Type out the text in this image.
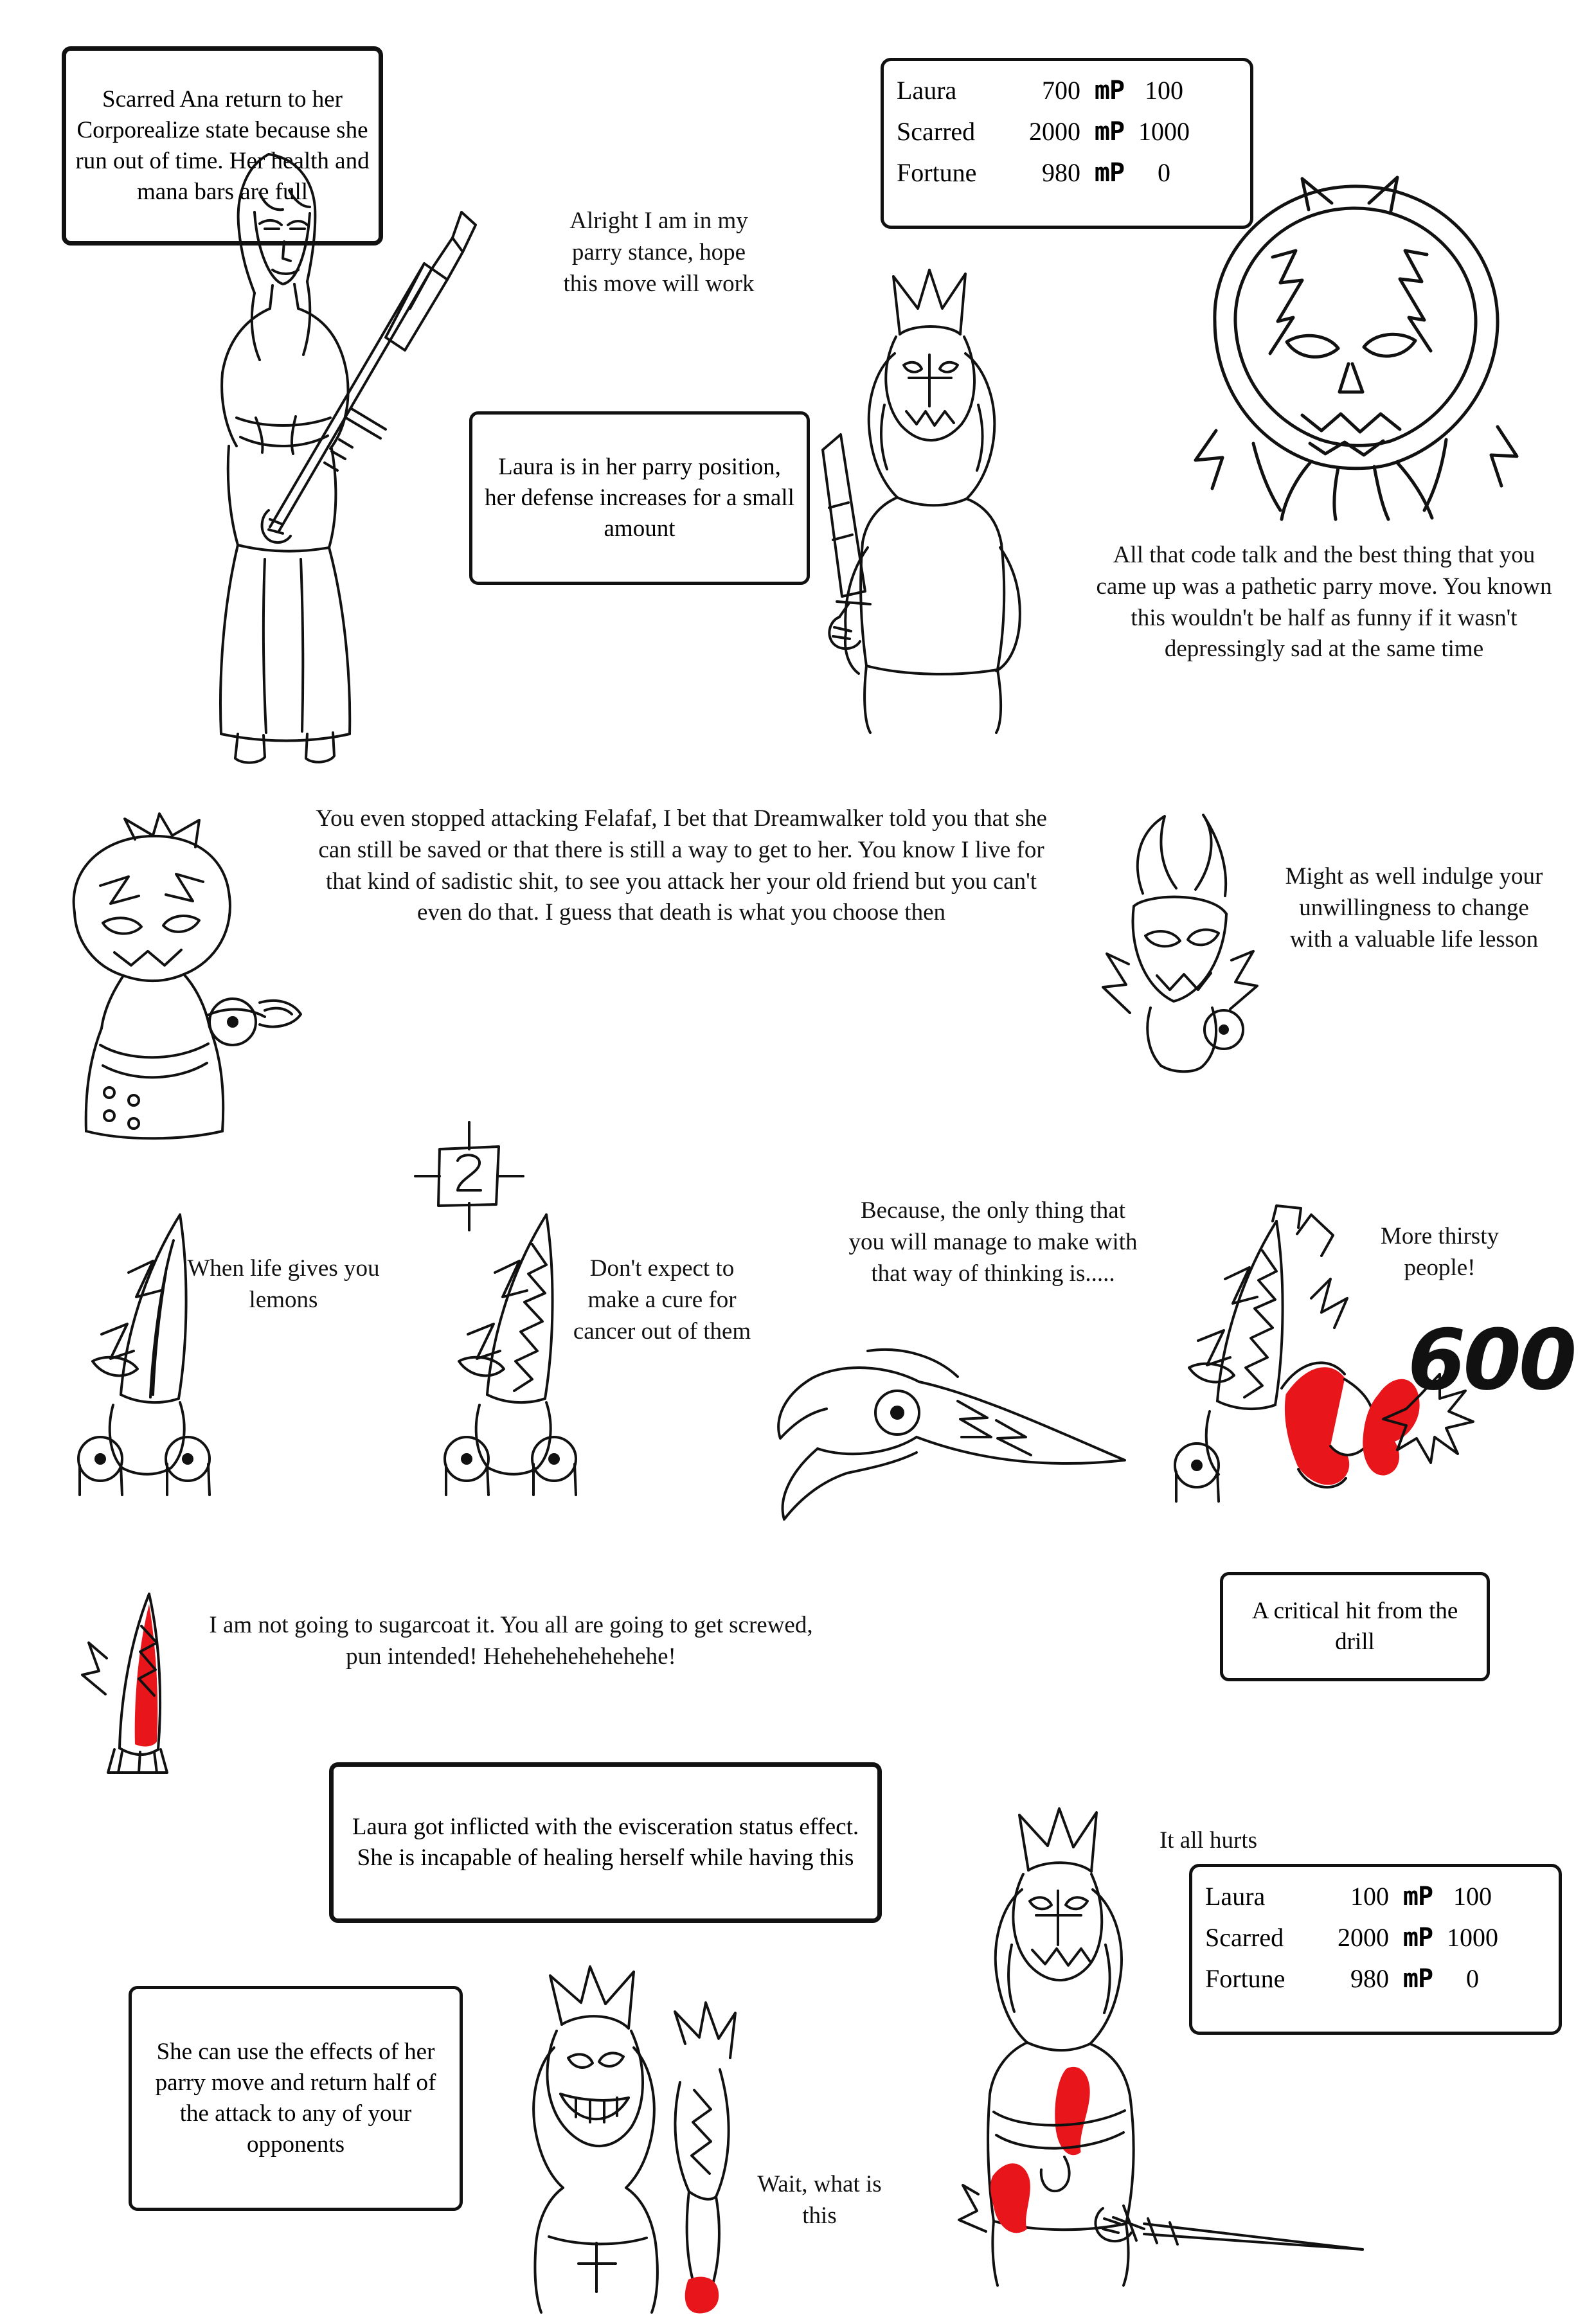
Scarred Ana return to her Corporealize state because she run out of time. Her health and mana bars are full
Alright I am in my parry stance, hope this move will work
Laura is in her parry position, her defense increases for a small amount
Laura	700 mP 100
Scarred	2000 mP 1000
Fortune	980 mP	0
All that code talk and the best thing that you came up was a pathetic parry move. You known this wouldn't be half as funny if it wasn't depressingly sad at the same time
You even stopped attacking Felafaf, I bet that Dreamwalker told you that she can still be saved or that there is still a way to get to her. You know I live for that kind of sadistic shit, to see you attack her your old friend but you can't even do that. I guess that death is what you choose then
Might as well indulge your unwillingness to change with a valuable life lesson
When life gives you lemons
Don't expect to make a cure for cancer out of them
Because, the only thing that you will manage to make with that way of thinking is.....
600
More thirsty people!
A critical hit from the drill
I am not going to sugarcoat it. You all are going to get screwed, pun intended! Hehehehehehehehe!
Laura got inflicted with the evisceration status effect. She is incapable of healing herself while having this
It all hurts
Laura	100 mP 100
Scarred	2000 mP 1000
Fortune	980 mP	0
She can use the effects of her parry move and return half of the attack to any of your opponents
Wait, what is this
